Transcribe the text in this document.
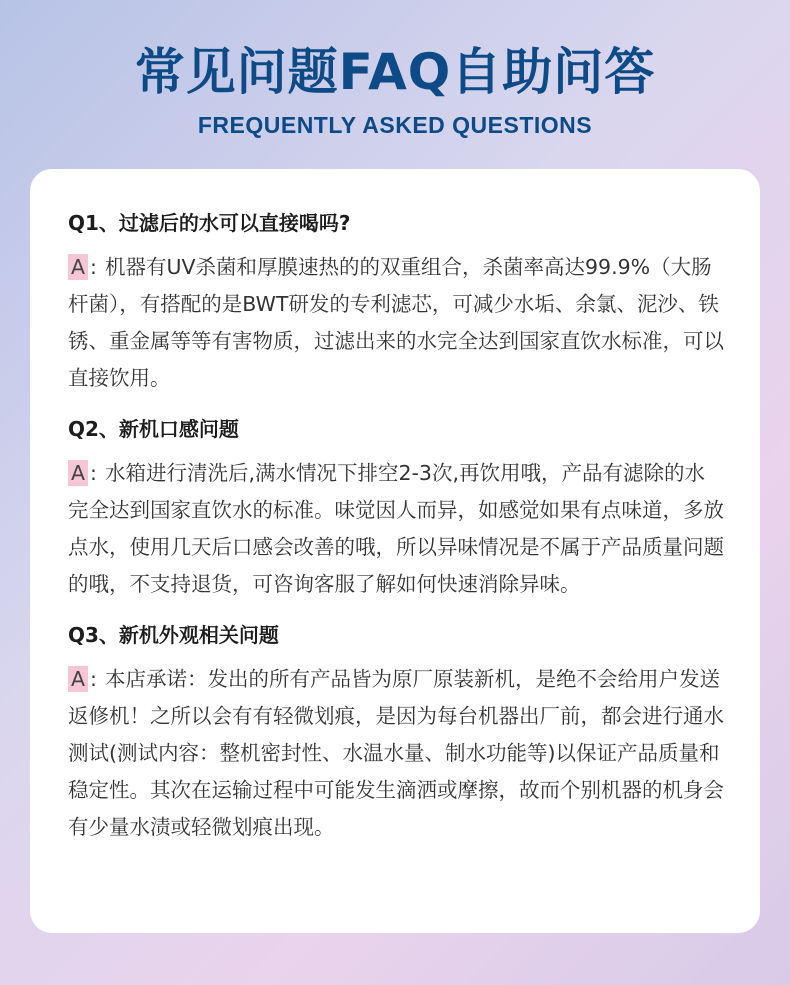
常见问题FAQ自助问答
FREQUENTLY ASKED QUESTIONS
Q1、过滤后的水可以直接喝吗?
A : 机器有UV杀菌和厚膜速热的的双重组合，杀菌率高达99.9%（大肠杆菌），有搭配的是BWT研发的专利滤芯，可减少水垢、余氯、泥沙、铁锈、重金属等等有害物质，过滤出来的水完全达到国家直饮水标准，可以直接饮用。
Q2、新机口感问题
A : 水箱进行清洗后,满水情况下排空2-3次,再饮用哦，产品有滤除的水完全达到国家直饮水的标准。味觉因人而异，如感觉如果有点味道，多放点水，使用几天后口感会改善的哦，所以异味情况是不属于产品质量问题的哦，不支持退货，可咨询客服了解如何快速消除异味。
Q3、新机外观相关问题
A : 本店承诺：发出的所有产品皆为原厂原装新机，是绝不会给用户发送返修机！之所以会有有轻微划痕，是因为每台机器出厂前，都会进行通水测试(测试内容：整机密封性、水温水量、制水功能等)以保证产品质量和稳定性。其次在运输过程中可能发生滴洒或摩擦，故而个别机器的机身会有少量水渍或轻微划痕出现。
